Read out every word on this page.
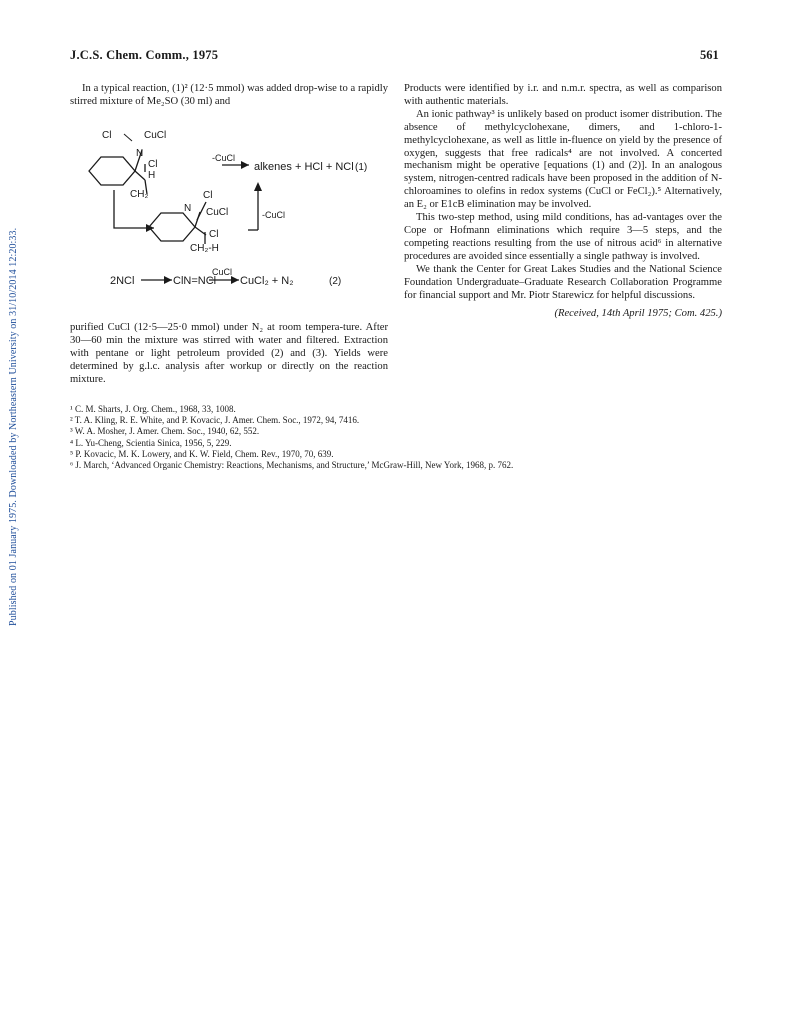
J.C.S. Chem. Comm., 1975	561
Published on 01 January 1975. Downloaded by Northeastern University on 31/10/2014 12:20:33.

In a typical reaction, (1)² (12·5 mmol) was added drop-wise to a rapidly stirred mixture of Me₂SO (30 ml) and

Cl	CuCl
N
Cl
H
CH₂
-CuCl
alkenes + HCl + NCl (1)
Cl
N CuCl
Cl
CH₂-H
-CuCl
2NCl	ClN=NCl
CuCl
CuCl₂ + N₂	(2)

purified CuCl (12·5—25·0 mmol) under N₂ at room tempera-ture. After 30—60 min the mixture was stirred with water and filtered. Extraction with pentane or light petroleum provided (2) and (3). Yields were determined by g.l.c. analysis after workup or directly on the reaction mixture.

Products were identified by i.r. and n.m.r. spectra, as well as comparison with authentic materials.

An ionic pathway³ is unlikely based on product isomer distribution. The absence of methylcyclohexane, dimers, and 1-chloro-1-methylcyclohexane, as well as little in-fluence on yield by the presence of oxygen, suggests that free radicals⁴ are not involved. A concerted mechanism might be operative [equations (1) and (2)]. In an analogous system, nitrogen-centred radicals have been proposed in the addition of N-chloroamines to olefins in redox systems (CuCl or FeCl₂).⁵ Alternatively, an E₂ or E1cB elimination may be involved.

This two-step method, using mild conditions, has ad-vantages over the Cope or Hofmann eliminations which require 3—5 steps, and the competing reactions resulting from the use of nitrous acid⁶ in alternative procedures are avoided since essentially a single pathway is involved.

We thank the Center for Great Lakes Studies and the National Science Foundation Undergraduate–Graduate Research Collaboration Programme for financial support and Mr. Piotr Starewicz for helpful discussions.

(Received, 14th April 1975; Com. 425.)

¹ C. M. Sharts, J. Org. Chem., 1968, 33, 1008.
² T. A. Kling, R. E. White, and P. Kovacic, J. Amer. Chem. Soc., 1972, 94, 7416.
³ W. A. Mosher, J. Amer. Chem. Soc., 1940, 62, 552.
⁴ L. Yu-Cheng, Scientia Sinica, 1956, 5, 229.
⁵ P. Kovacic, M. K. Lowery, and K. W. Field, Chem. Rev., 1970, 70, 639.
⁶ J. March, ‘Advanced Organic Chemistry: Reactions, Mechanisms, and Structure,’ McGraw-Hill, New York, 1968, p. 762.
